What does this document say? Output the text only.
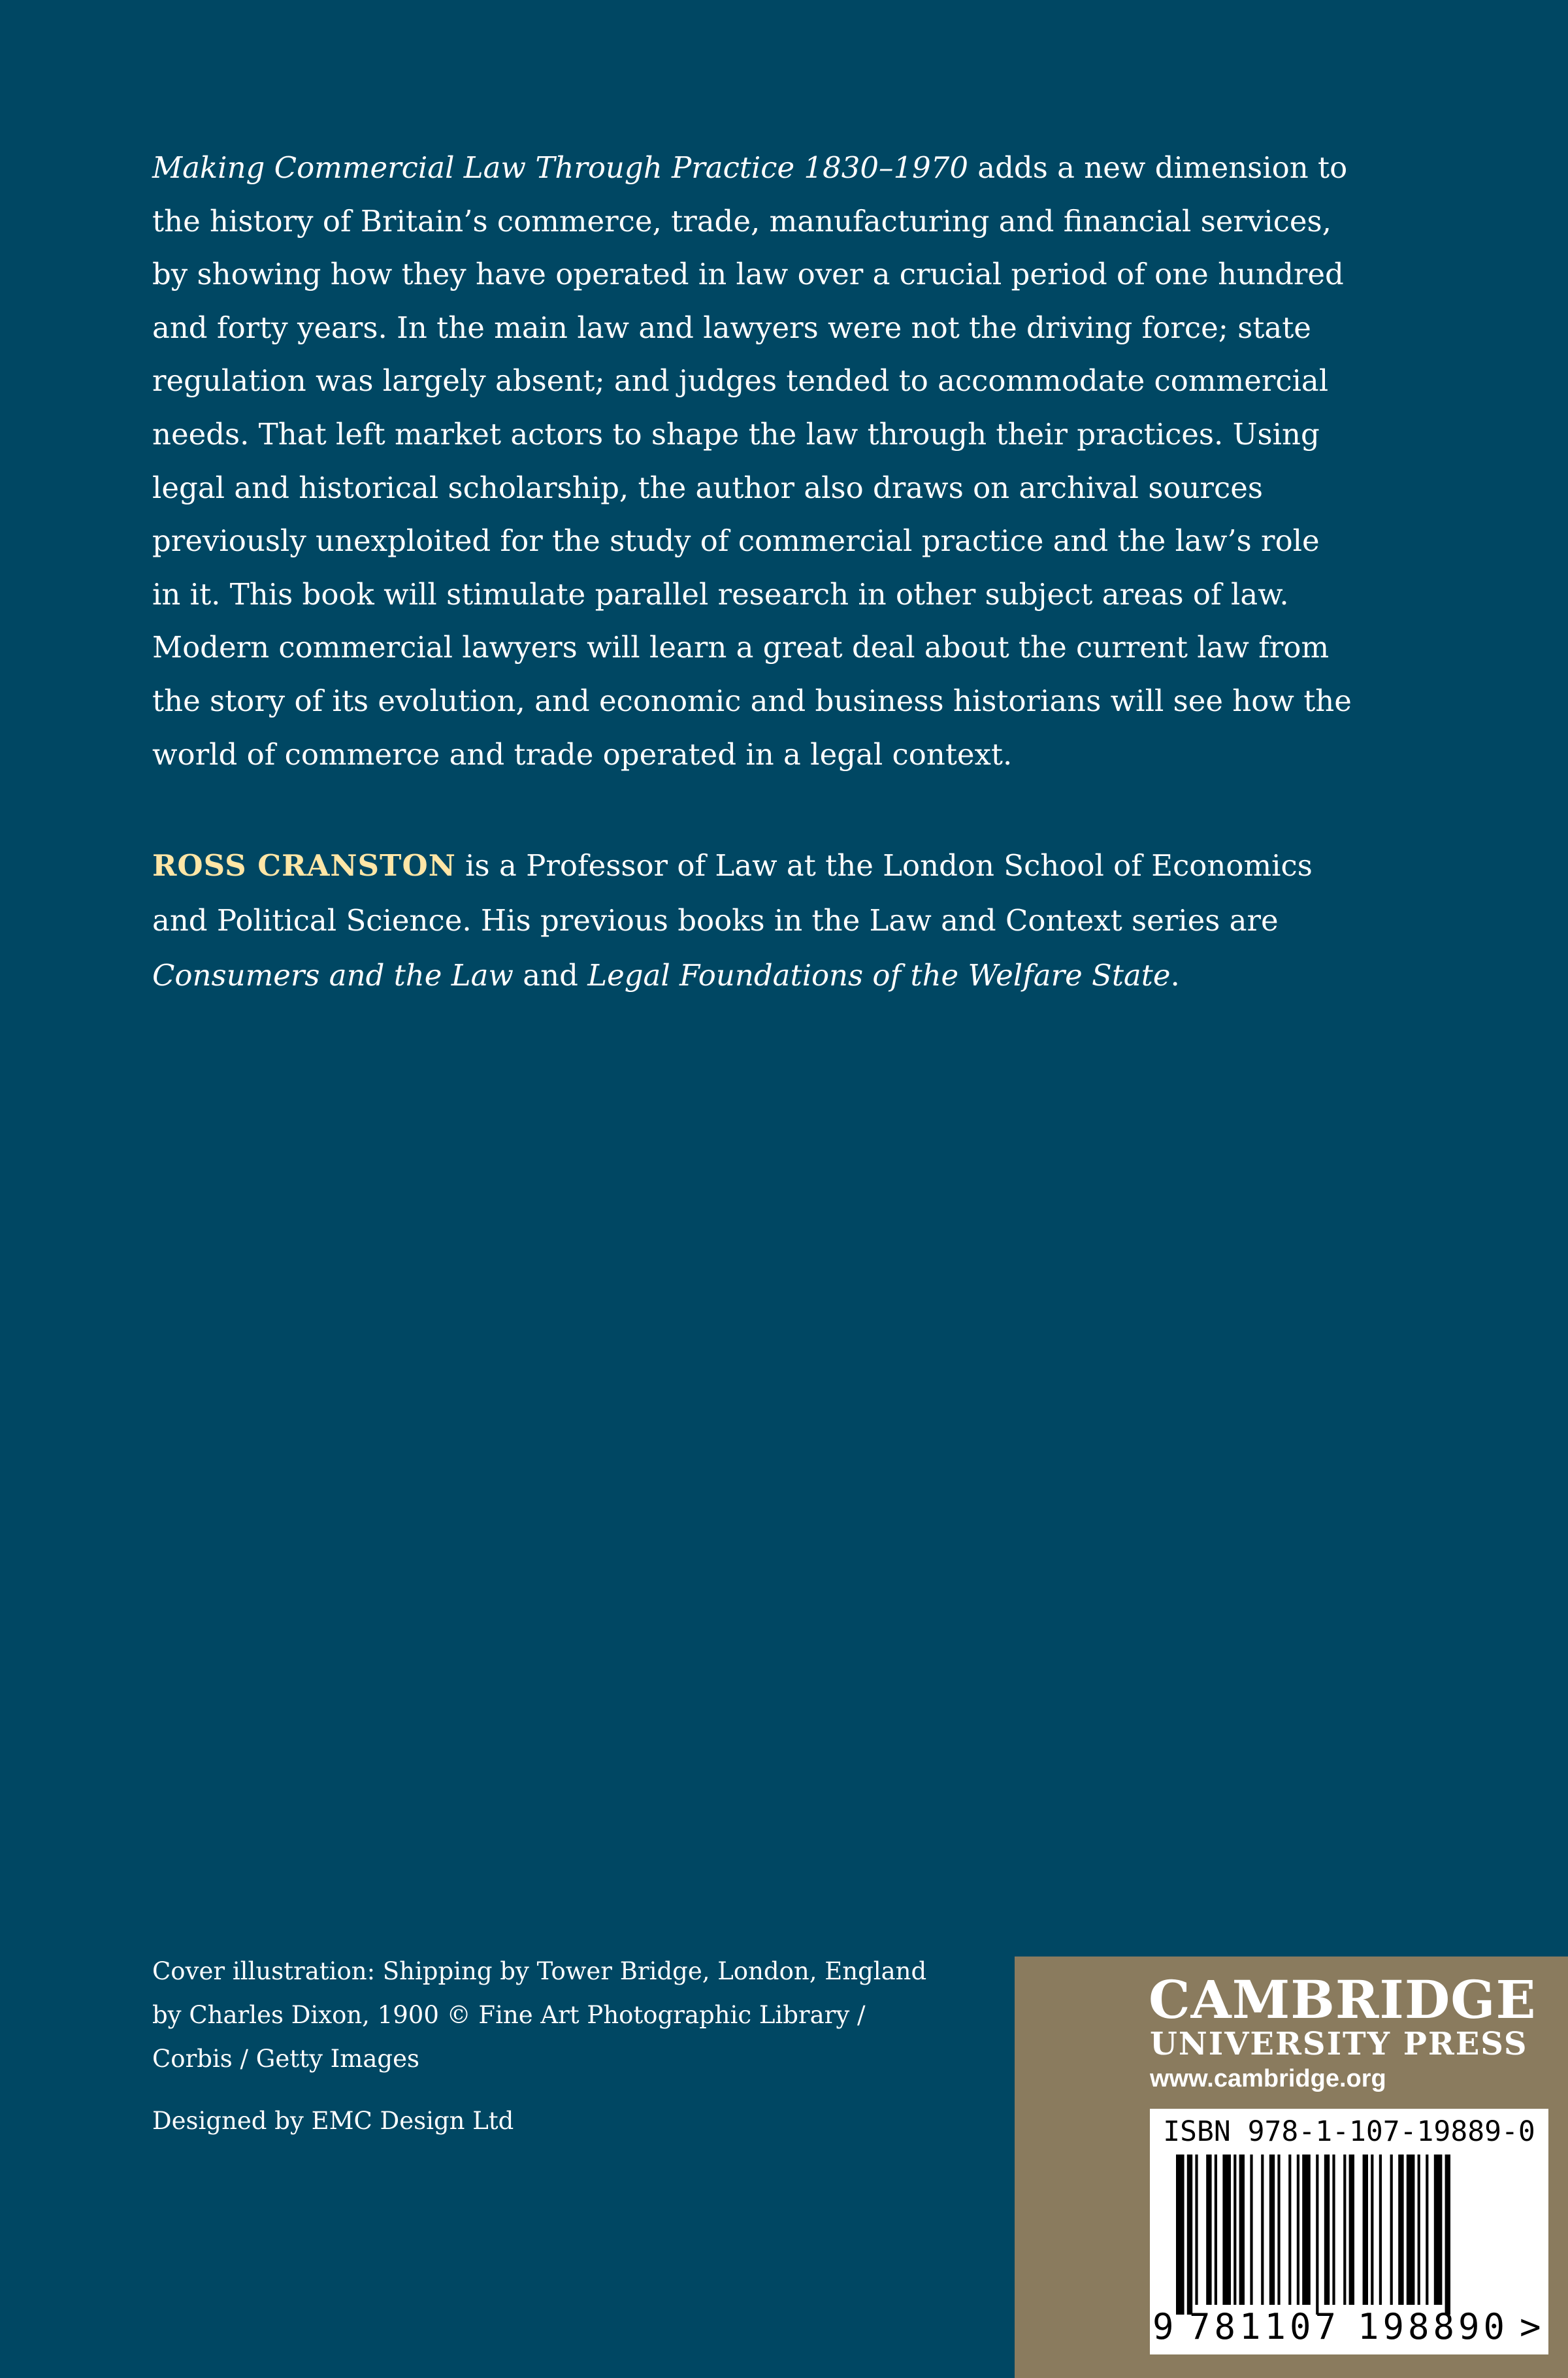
Making Commercial Law Through Practice 1830–1970 adds a new dimension to the history of Britain’s commerce, trade, manufacturing and financial services, by showing how they have operated in law over a crucial period of one hundred and forty years. In the main law and lawyers were not the driving force; state regulation was largely absent; and judges tended to accommodate commercial needs. That left market actors to shape the law through their practices. Using legal and historical scholarship, the author also draws on archival sources previously unexploited for the study of commercial practice and the law’s role in it. This book will stimulate parallel research in other subject areas of law. Modern commercial lawyers will learn a great deal about the current law from the story of its evolution, and economic and business historians will see how the world of commerce and trade operated in a legal context.

ROSS CRANSTON is a Professor of Law at the London School of Economics and Political Science. His previous books in the Law and Context series are Consumers and the Law and Legal Foundations of the Welfare State.

Cover illustration: Shipping by Tower Bridge, London, England by Charles Dixon, 1900 © Fine Art Photographic Library / Corbis / Getty Images

Designed by EMC Design Ltd

CAMBRIDGE
UNIVERSITY PRESS
www.cambridge.org
ISBN 978-1-107-19889-0
9 781107 198890 >
